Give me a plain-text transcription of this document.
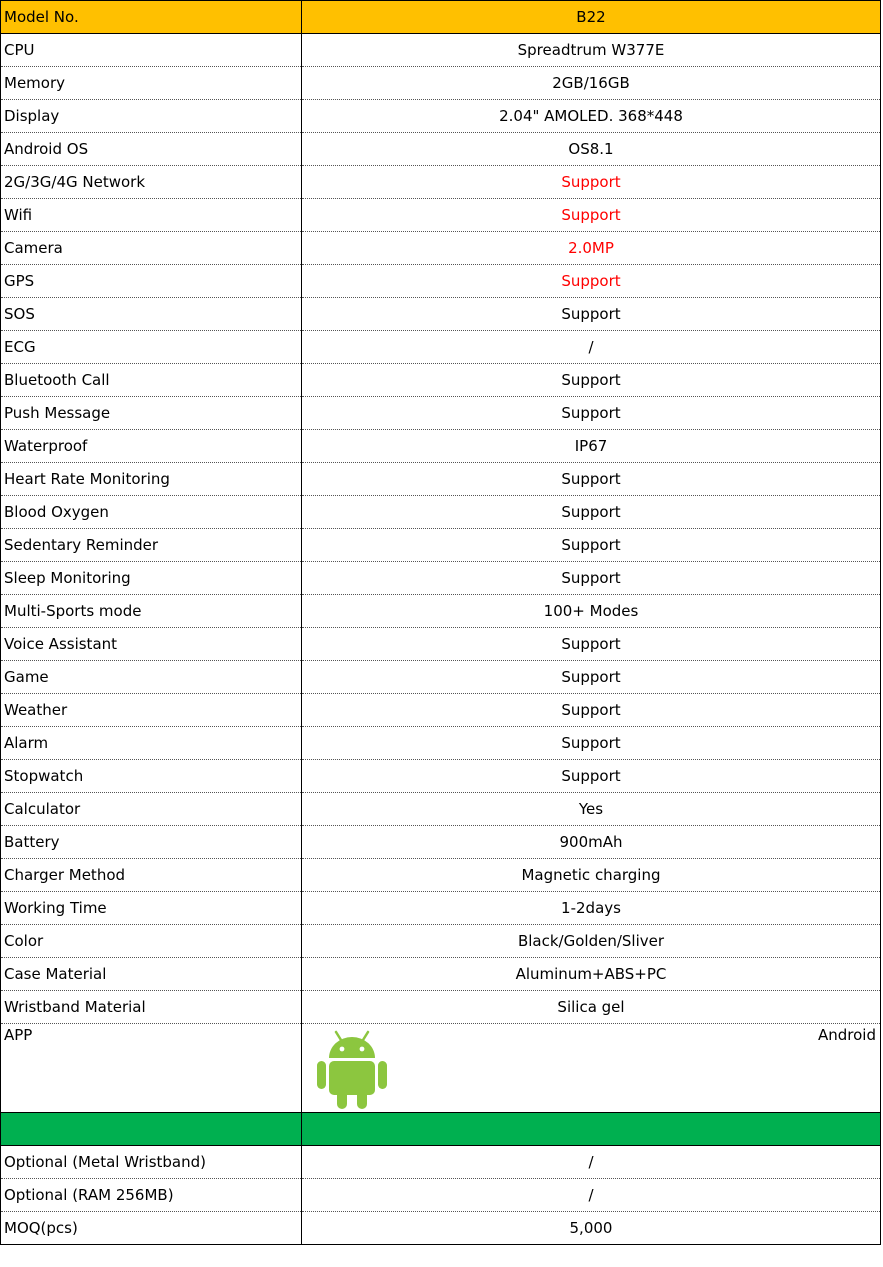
Model No.	B22
CPU	Spreadtrum W377E
Memory	2GB/16GB
Display	2.04" AMOLED. 368*448
Android OS	OS8.1
2G/3G/4G Network	Support
Wifi	Support
Camera	2.0MP
GPS	Support
SOS	Support
ECG	/
Bluetooth Call	Support
Push Message	Support
Waterproof	IP67
Heart Rate Monitoring	Support
Blood Oxygen	Support
Sedentary Reminder	Support
Sleep Monitoring	Support
Multi-Sports mode	100+ Modes
Voice Assistant	Support
Game	Support
Weather	Support
Alarm	Support
Stopwatch	Support
Calculator	Yes
Battery	900mAh
Charger Method	Magnetic charging
Working Time	1-2days
Color	Black/Golden/Sliver
Case Material	Aluminum+ABS+PC
Wristband Material	Silica gel
APP	Android

Optional (Metal Wristband)	/
Optional (RAM 256MB)	/
MOQ(pcs)	5,000
